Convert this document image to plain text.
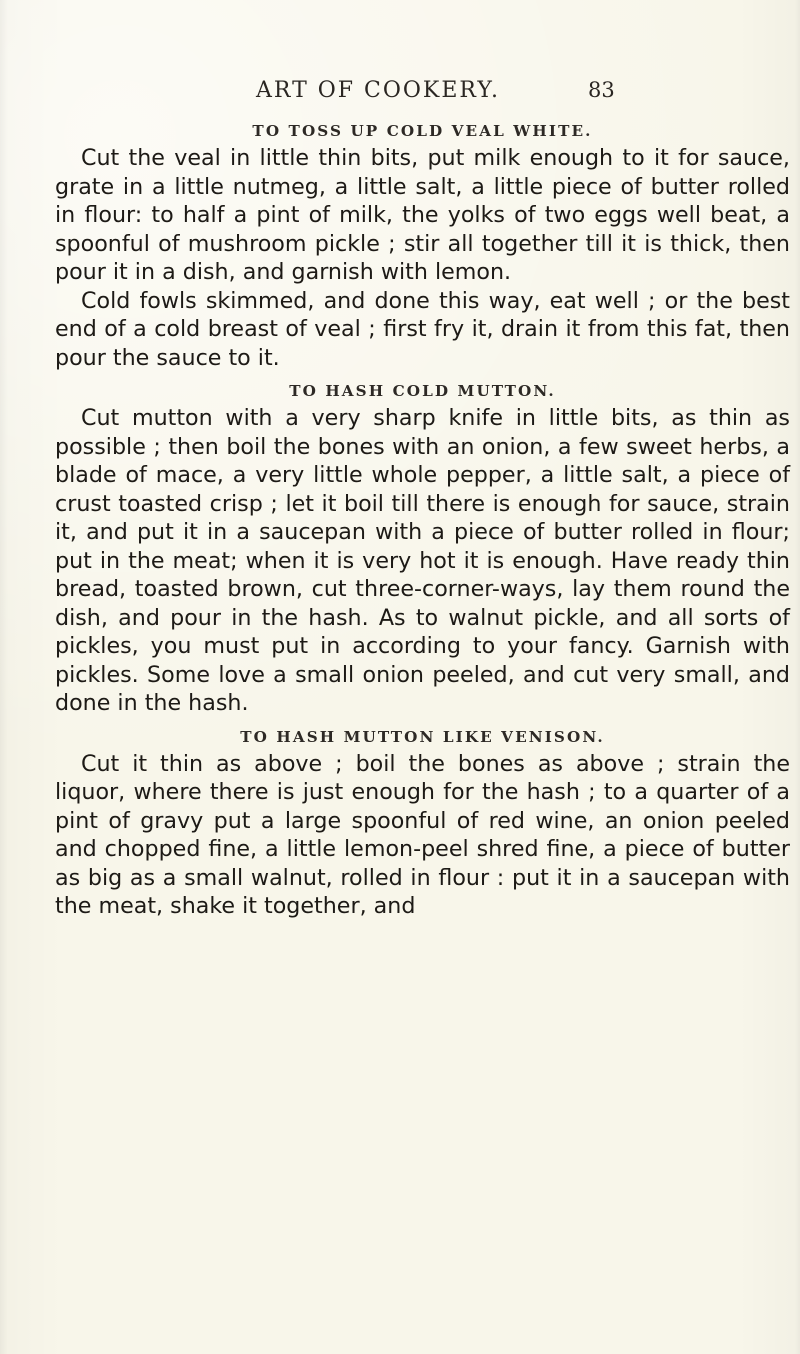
ART OF COOKERY.	83
TO TOSS UP COLD VEAL WHITE.

Cut the veal in little thin bits, put milk enough to it for sauce, grate in a little nutmeg, a little salt, a little piece of butter rolled in flour: to half a pint of milk, the yolks of two eggs well beat, a spoonful of mushroom pickle ; stir all together till it is thick, then pour it in a dish, and garnish with lemon.

Cold fowls skimmed, and done this way, eat well ; or the best end of a cold breast of veal ; first fry it, drain it from this fat, then pour the sauce to it.

TO HASH COLD MUTTON.

Cut mutton with a very sharp knife in little bits, as thin as possible ; then boil the bones with an onion, a few sweet herbs, a blade of mace, a very little whole pepper, a little salt, a piece of crust toasted crisp ; let it boil till there is enough for sauce, strain it, and put it in a saucepan with a piece of butter rolled in flour; put in the meat; when it is very hot it is enough. Have ready thin bread, toasted brown, cut three-corner-ways, lay them round the dish, and pour in the hash. As to walnut pickle, and all sorts of pickles, you must put in according to your fancy. Garnish with pickles. Some love a small onion peeled, and cut very small, and done in the hash.

TO HASH MUTTON LIKE VENISON.

Cut it thin as above ; boil the bones as above ; strain the liquor, where there is just enough for the hash ; to a quarter of a pint of gravy put a large spoonful of red wine, an onion peeled and chopped fine, a little lemon-peel shred fine, a piece of butter as big as a small walnut, rolled in flour : put it in a saucepan with the meat, shake it together, and
